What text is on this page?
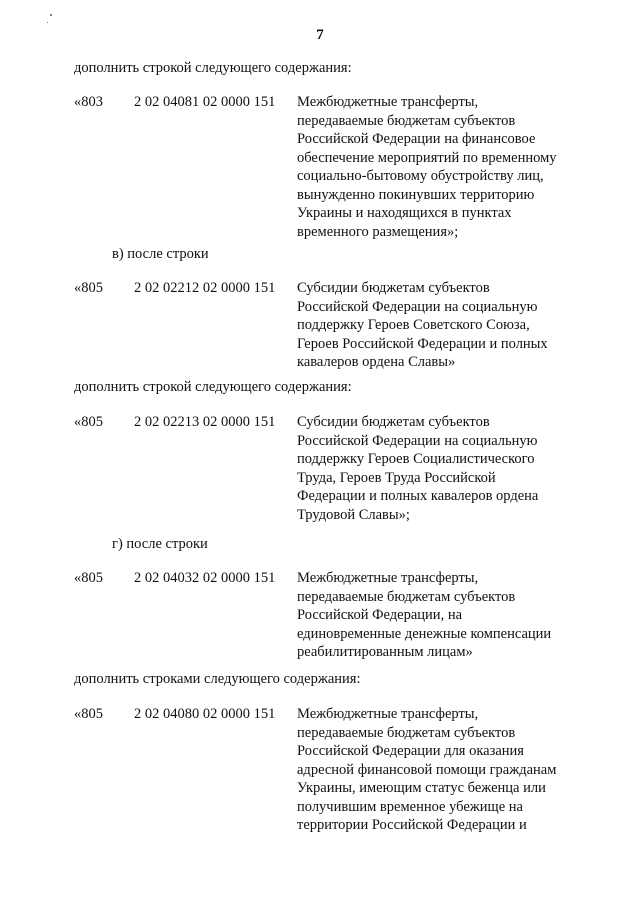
7
дополнить строкой следующего содержания:
«803 2 02 04081 02 0000 151 Межбюджетные трансферты,
передаваемые бюджетам субъектов
Российской Федерации на финансовое
обеспечение мероприятий по временному
социально-бытовому обустройству лиц,
вынужденно покинувших территорию
Украины и находящихся в пунктах
временного размещения»;
в) после строки
«805 2 02 02212 02 0000 151 Субсидии бюджетам субъектов
Российской Федерации на социальную
поддержку Героев Советского Союза,
Героев Российской Федерации и полных
кавалеров ордена Славы»
дополнить строкой следующего содержания:
«805 2 02 02213 02 0000 151 Субсидии бюджетам субъектов
Российской Федерации на социальную
поддержку Героев Социалистического
Труда, Героев Труда Российской
Федерации и полных кавалеров ордена
Трудовой Славы»;
г) после строки
«805 2 02 04032 02 0000 151 Межбюджетные трансферты,
передаваемые бюджетам субъектов
Российской Федерации, на
единовременные денежные компенсации
реабилитированным лицам»
дополнить строками следующего содержания:
«805 2 02 04080 02 0000 151 Межбюджетные трансферты,
передаваемые бюджетам субъектов
Российской Федерации для оказания
адресной финансовой помощи гражданам
Украины, имеющим статус беженца или
получившим временное убежище на
территории Российской Федерации и
